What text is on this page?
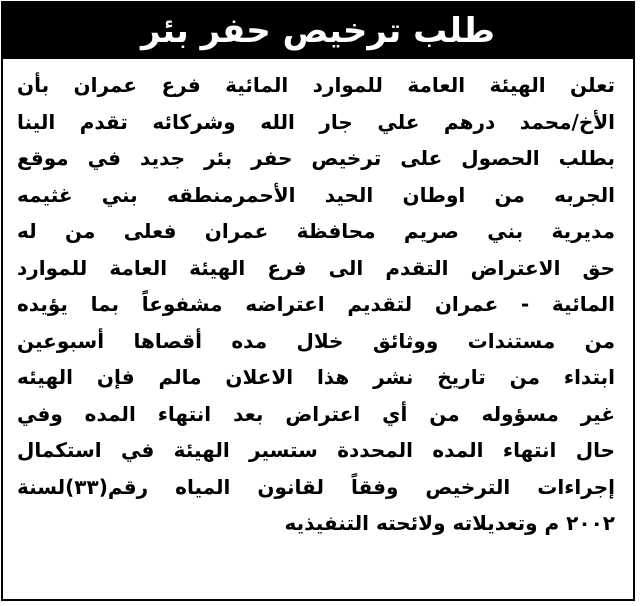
طلب ترخيص حفر بئر
تعلن الهيئة العامة للموارد المائية فرع عمران بأن
الأخ/محمد درهم علي جار الله وشركائه تقدم الينا
بطلب الحصول على ترخيص حفر بئر جديد في موقع
الجربه من اوطان الحيد الأحمرمنطقه بني غثيمه
مديرية بني صريم محافظة عمران فعلى من له
حق الاعتراض التقدم الى فرع الهيئة العامة للموارد
المائية - عمران لتقديم اعتراضه مشفوعاً بما يؤيده
من مستندات ووثائق خلال مده أقصاها أسبوعين
ابتداء من تاريخ نشر هذا الاعلان مالم فإن الهيئه
غير مسؤوله من أي اعتراض بعد انتهاء المده وفي
حال انتهاء المده المحددة ستسير الهيئة في استكمال
إجراءات الترخيص وفقاً لقانون المياه رقم(٣٣)لسنة
٢٠٠٢ م وتعديلاته ولائحته التنفيذيه
